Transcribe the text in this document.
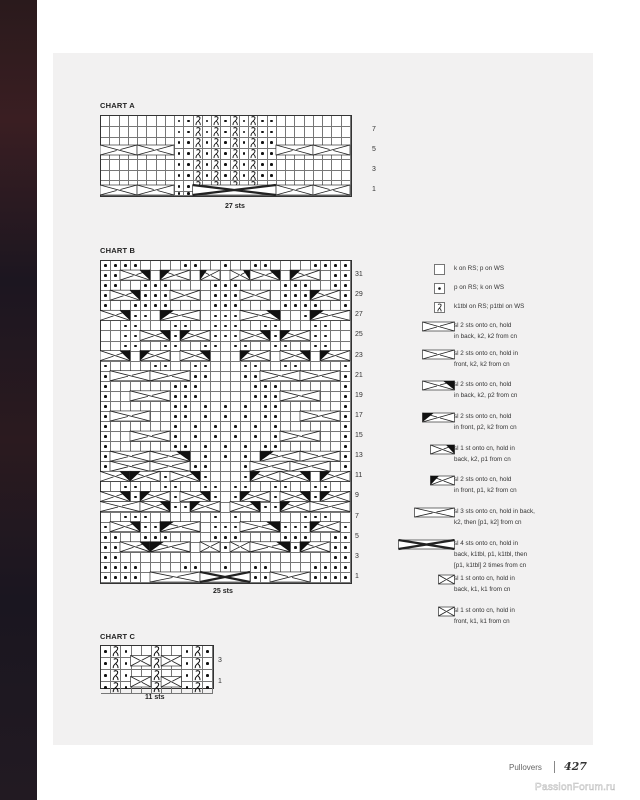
CHART A
7
5
3
1
27 sts
CHART B
1
3
5
7
9
11
13
15
17
19
21
23
25
27
29
31
25 sts
CHART C
3
1
11 sts
k on RS; p on WS
p on RS; k on WS
k1tbl on RS; p1tbl on WS
sl 2 sts onto cn, hold
in back, k2, k2 from cn
sl 2 sts onto cn, hold in
front, k2, k2 from cn
sl 2 sts onto cn, hold
in back, k2, p2 from cn
sl 2 sts onto cn, hold
in front, p2, k2 from cn
sl 1 st onto cn, hold in
back, k2, p1 from cn
sl 2 sts onto cn, hold
in front, p1, k2 from cn
sl 3 sts onto cn, hold in back,
k2, then [p1, k2] from cn
sl 4 sts onto cn, hold in
back, k1tbl, p1, k1tbl, then
[p1, k1tbl] 2 times from cn
sl 1 st onto cn, hold in
back, k1, k1 from cn
sl 1 st onto cn, hold in
front, k1, k1 from cn
Pullovers 427
PassionForum.ru
